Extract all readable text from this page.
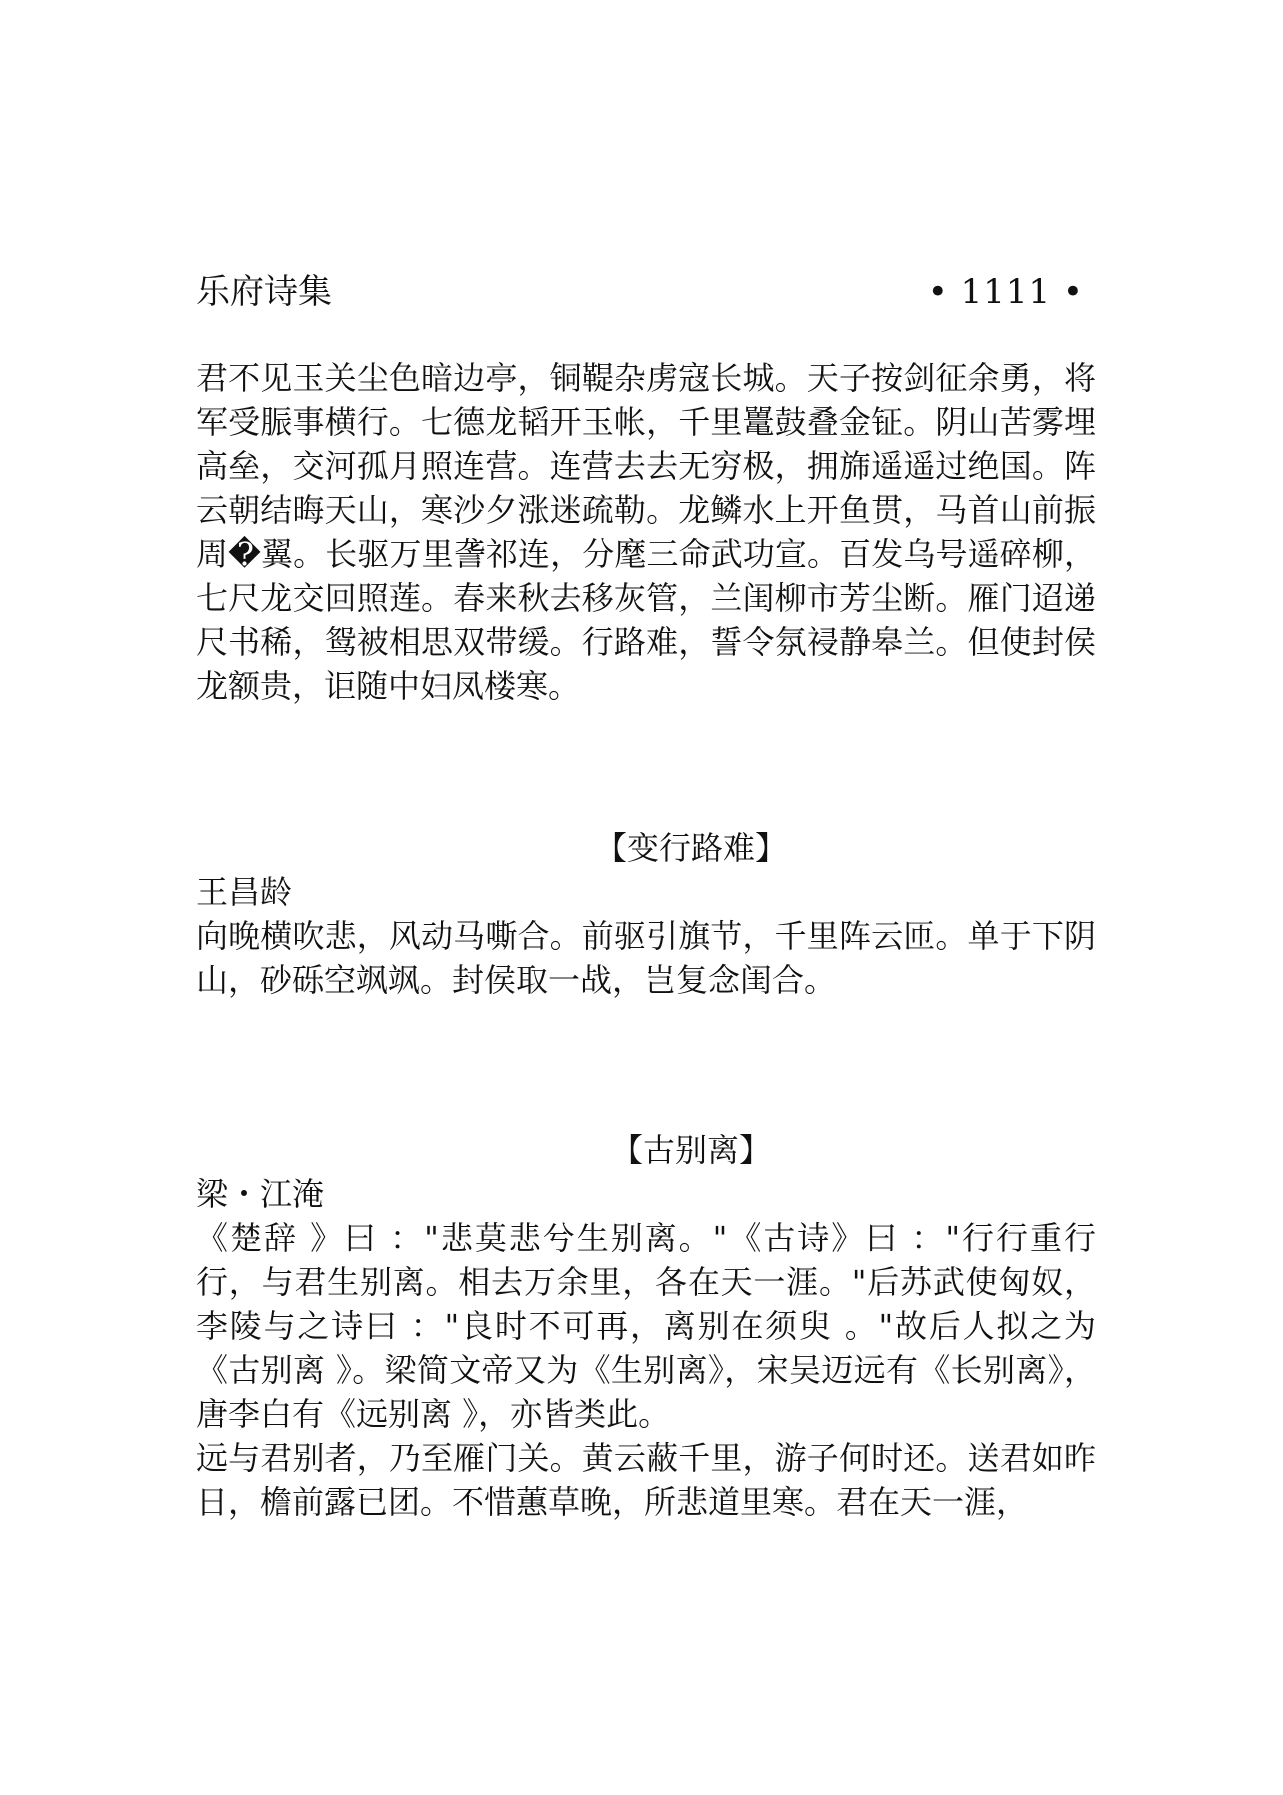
乐府诗集	• 1111 •

君不见玉关尘色暗边亭，铜鞮杂虏寇长城。天子按剑征余勇，将军受脤事横行。七德龙韬开玉帐，千里鼍鼓叠金钲。阴山苦雾埋高垒，交河孤月照连营。连营去去无穷极，拥旆遥遥过绝国。阵云朝结晦天山，寒沙夕涨迷疏勒。龙鳞水上开鱼贯，马首山前振周�翼。长驱万里詟祁连，分麾三命武功宣。百发乌号遥碎柳，七尺龙交回照莲。春来秋去移灰管，兰闺柳市芳尘断。雁门迢递尺书稀，鸳被相思双带缓。行路难，誓令氛祲静皋兰。但使封侯龙额贵，讵随中妇凤楼寒。

【变行路难】
王昌龄

向晚横吹悲，风动马嘶合。前驱引旗节，千里阵云匝。单于下阴山，砂砾空飒飒。封侯取一战，岂复念闺合。

【古别离】
梁・江淹

《楚辞 》曰 ："悲莫悲兮生别离。"《古诗》曰 ："行行重行行，与君生别离。相去万余里，各在天一涯。"后苏武使匈奴，李陵与之诗曰 ："良时不可再，离别在须臾 。"故后人拟之为《古别离 》。梁简文帝又为《生别离》，宋吴迈远有《长别离》，唐李白有《远别离 》，亦皆类此。

远与君别者，乃至雁门关。黄云蔽千里，游子何时还。送君如昨日，檐前露已团。不惜蕙草晚，所悲道里寒。君在天一涯，
